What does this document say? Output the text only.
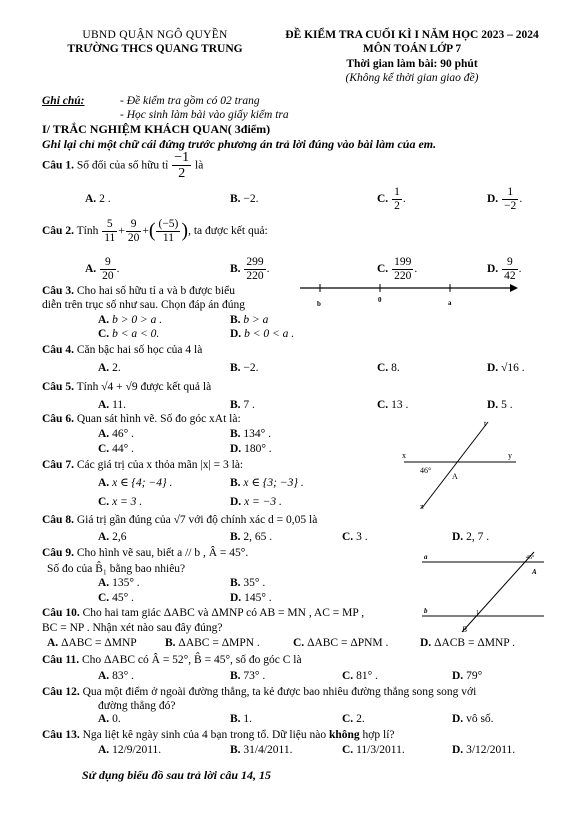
UBND QUẬN NGÔ QUYỀN
TRƯỜNG THCS QUANG TRUNG
ĐỀ KIỂM TRA CUỐI KÌ I NĂM HỌC 2023 – 2024
MÔN TOÁN LỚP 7
Thời gian làm bài: 90 phút
(Không kể thời gian giao đề)
Ghi chú:	- Đề kiểm tra gồm có 02 trang
- Học sinh làm bài vào giấy kiểm tra
I/ TRẮC NGHIỆM KHÁCH QUAN( 3điểm)
Ghi lại chỉ một chữ cái đứng trước phương án trả lời đúng vào bài làm của em.
Câu 1. Số đối của số hữu tỉ $\frac{-1}{2}$ là
A. 2 .	B. −2.	C. $\frac{1}{2}$ .	D. $\frac{1}{-2}$ .
Câu 2. Tính $\frac{5}{11} + \frac{9}{20}$ +( $\frac{(-5)}{11}$ ), ta được kết quả:
A. $\frac{9}{20}$ .	B. $\frac{299}{220}$ .	C. $\frac{199}{220}$ .	D. $\frac{9}{42}$ .
Câu 3. Cho hai số hữu tỉ a và b được biểu
diễn trên trục số như sau. Chọn đáp án đúng	b	0	a
A. b > 0 > a .	B. b > a
C. b < a < 0.	D. b < 0 < a .
Câu 4. Căn bậc hai số học của 4 là
A. 2.	B. −2.	C. 8.	D. √16 .
Câu 5. Tính √4 + √9 được kết quả là
A. 11.	B. 7 .	C. 13 .	D. 5 .
Câu 6. Quan sát hình vẽ. Số đo góc xAt là:
A. 46° .	B. 134° .
C. 44° .	D. 180° .
t
x	y
46°
A
z
Câu 7. Các giá trị của x thỏa mãn |x| = 3 là:
A. x ∈ {4; −4} .	B. x ∈ {3; −3} .
C. x = 3 .	D. x = −3 .
Câu 8. Giá trị gần đúng của √7 với độ chính xác d = 0,05 là
A. 2,6	B. 2, 65 .	C. 3 .	D. 2, 7 .
Câu 9. Cho hình vẽ sau, biết a // b , Â = 45°.
Số đo của B̂₁ bằng bao nhiêu?
A. 135° .	B. 35° .
C. 45° .	D. 145° .
a
b
45°
A
1
B
Câu 10. Cho hai tam giác ΔABC và ΔMNP có AB = MN , AC = MP ,
BC = NP . Nhận xét nào sau đây đúng?
A. ΔABC = ΔMNP B. ΔABC = ΔMPN .	C. ΔABC = ΔPNM .	D. ΔACB = ΔMNP .
Câu 11. Cho ΔABC có Â = 52°, B̂ = 45°, số đo góc C là
A. 83° .	B. 73° .	C. 81° .	D. 79°
Câu 12. Qua một điểm ở ngoài đường thẳng, ta kẻ được bao nhiêu đường thẳng song song với
đường thẳng đó?
A. 0.	B. 1.	C. 2.	D. vô số.
Câu 13. Nga liệt kê ngày sinh của 4 bạn trong tổ. Dữ liệu nào không hợp lí?
A. 12/9/2011.	B. 31/4/2011.	C. 11/3/2011.	D. 3/12/2011.
Sử dụng biểu đồ sau trả lời câu 14, 15
